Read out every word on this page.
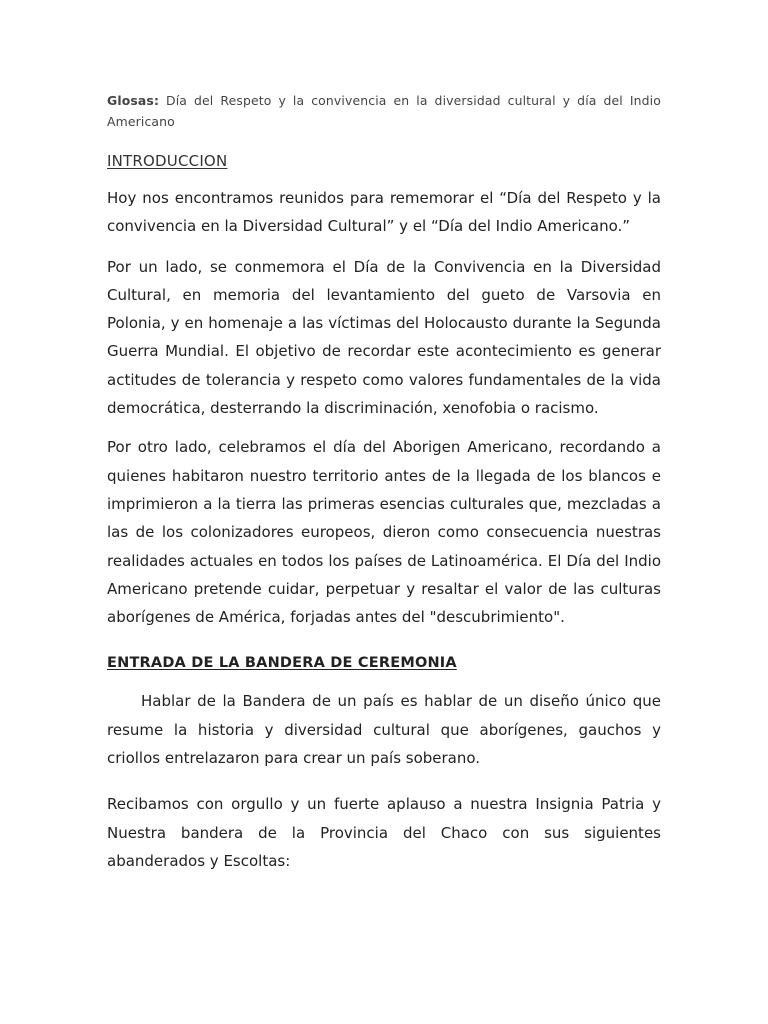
Glosas: Día del Respeto y la convivencia en la diversidad cultural y día del Indio Americano

INTRODUCCION

Hoy nos encontramos reunidos para rememorar el “Día del Respeto y la convivencia en la Diversidad Cultural” y el “Día del Indio Americano.”

Por un lado, se conmemora el Día de la Convivencia en la Diversidad Cultural, en memoria del levantamiento del gueto de Varsovia en Polonia, y en homenaje a las víctimas del Holocausto durante la Segunda Guerra Mundial. El objetivo de recordar este acontecimiento es generar actitudes de tolerancia y respeto como valores fundamentales de la vida democrática, desterrando la discriminación, xenofobia o racismo.

Por otro lado, celebramos el día del Aborigen Americano, recordando a quienes habitaron nuestro territorio antes de la llegada de los blancos e imprimieron a la tierra las primeras esencias culturales que, mezcladas a las de los colonizadores europeos, dieron como consecuencia nuestras realidades actuales en todos los países de Latinoamérica. El Día del Indio Americano pretende cuidar, perpetuar y resaltar el valor de las culturas aborígenes de América, forjadas antes del "descubrimiento".

ENTRADA DE LA BANDERA DE CEREMONIA

Hablar de la Bandera de un país es hablar de un diseño único que resume la historia y diversidad cultural que aborígenes, gauchos y criollos entrelazaron para crear un país soberano.

Recibamos con orgullo y un fuerte aplauso a nuestra Insignia Patria y Nuestra bandera de la Provincia del Chaco con sus siguientes abanderados y Escoltas:
